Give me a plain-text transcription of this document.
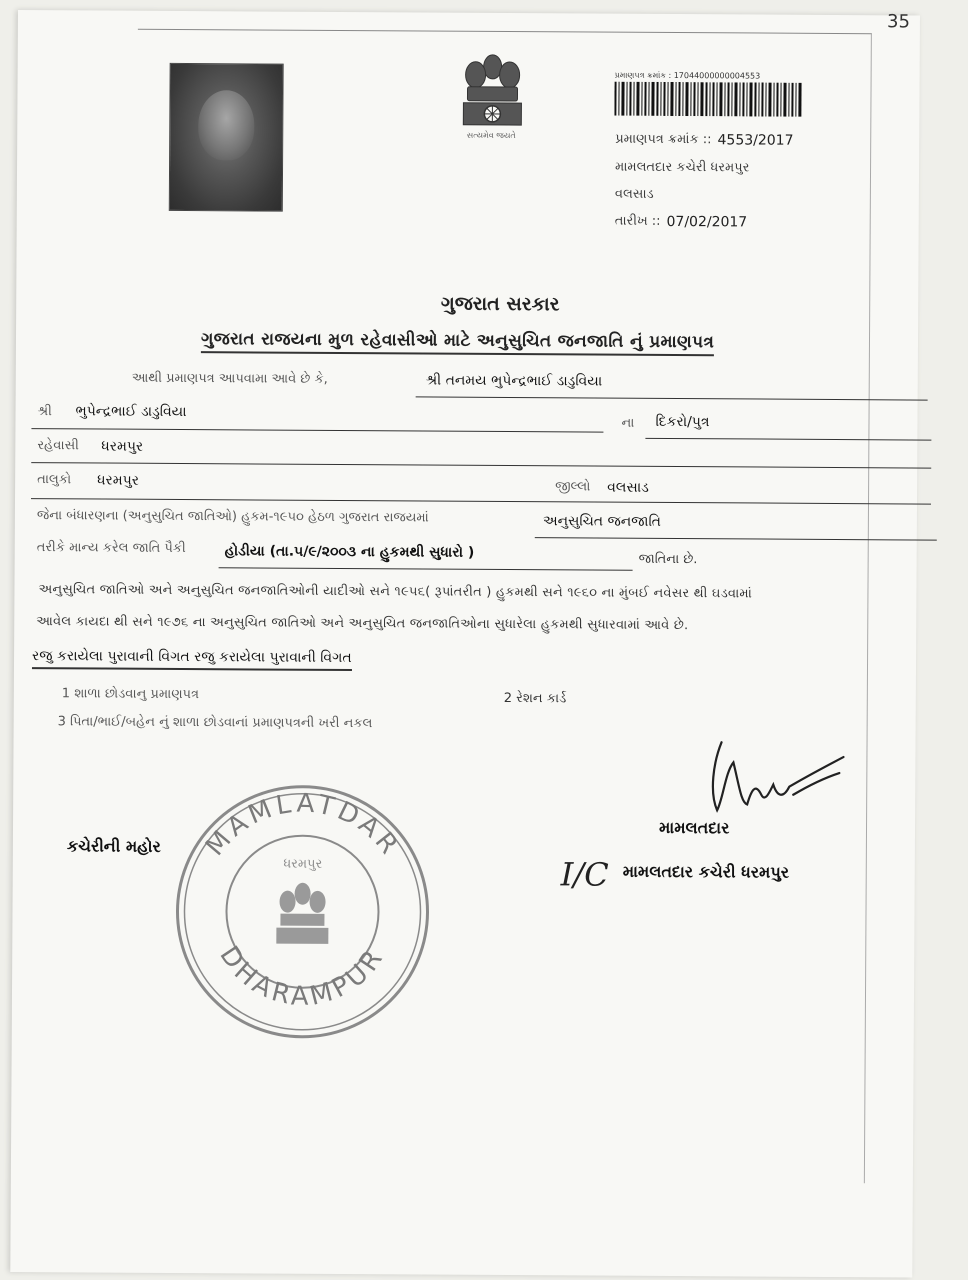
35
સત્યમેવ જયતે
પ્રમાણપત્ર ક્રમાંક : 17044000000004553
પ્રમાણપત્ર ક્રમાંક :: 4553/2017
મામલતદાર કચેરી ધરમપુર
વલસાડ
તારીખ :: 07/02/2017
ગુજરાત સરકાર
ગુજરાત રાજયના મુળ રહેવાસીઓ માટે અનુસુચિત જનજાતિ નું પ્રમાણપત્ર
આથી પ્રમાણપત્ર આપવામા આવે છે કે,	શ્રી તનમય ભુપેન્દ્રભાઈ ડાડુવિયા
શ્રી ભુપેન્દ્રભાઈ ડાડુવિયા
ના દિકરો/પુત્ર
રહેવાસી ધરમપુર
તાલુકો ધરમપુર	જીલ્લો વલસાડ
જેના બંધારણના (અનુસુચિત જાતિઓ) હુકમ-૧૯૫૦ હેઠળ ગુજરાત રાજયમાં	અનુસુચિત જનજાતિ
તરીકે માન્ય કરેલ જાતિ પૈકી	હોડીયા (તા.૫/૯/૨૦૦૩ ના હુકમથી સુધારો )	જાતિના છે.
અનુસુચિત જાતિઓ અને અનુસુચિત જનજાતિઓની યાદીઓ સને ૧૯૫૬( રૂપાંતરીત ) હુકમથી સને ૧૯૬૦ ના મુંબઈ નવેસર થી ઘડવામાં
આવેલ કાયદા થી સને ૧૯૭૬ ના અનુસુચિત જાતિઓ અને અનુસુચિત જનજાતિઓના સુધારેલા હુકમથી સુધારવામાં આવે છે.
રજુ કરાયેલા પુરાવાની વિગત રજુ કરાયેલા પુરાવાની વિગત
1 શાળા છોડવાનુ પ્રમાણપત્ર	2 રેશન કાર્ડ
3 પિતા/ભાઈ/બહેન નું શાળા છોડવાનાં પ્રમાણપત્રની ખરી નકલ
MAMLATDAR
DHARAMPUR
ધરમપુર
કચેરીની મહોર
મામલતદાર
I/C મામલતદાર કચેરી ધરમપુર
